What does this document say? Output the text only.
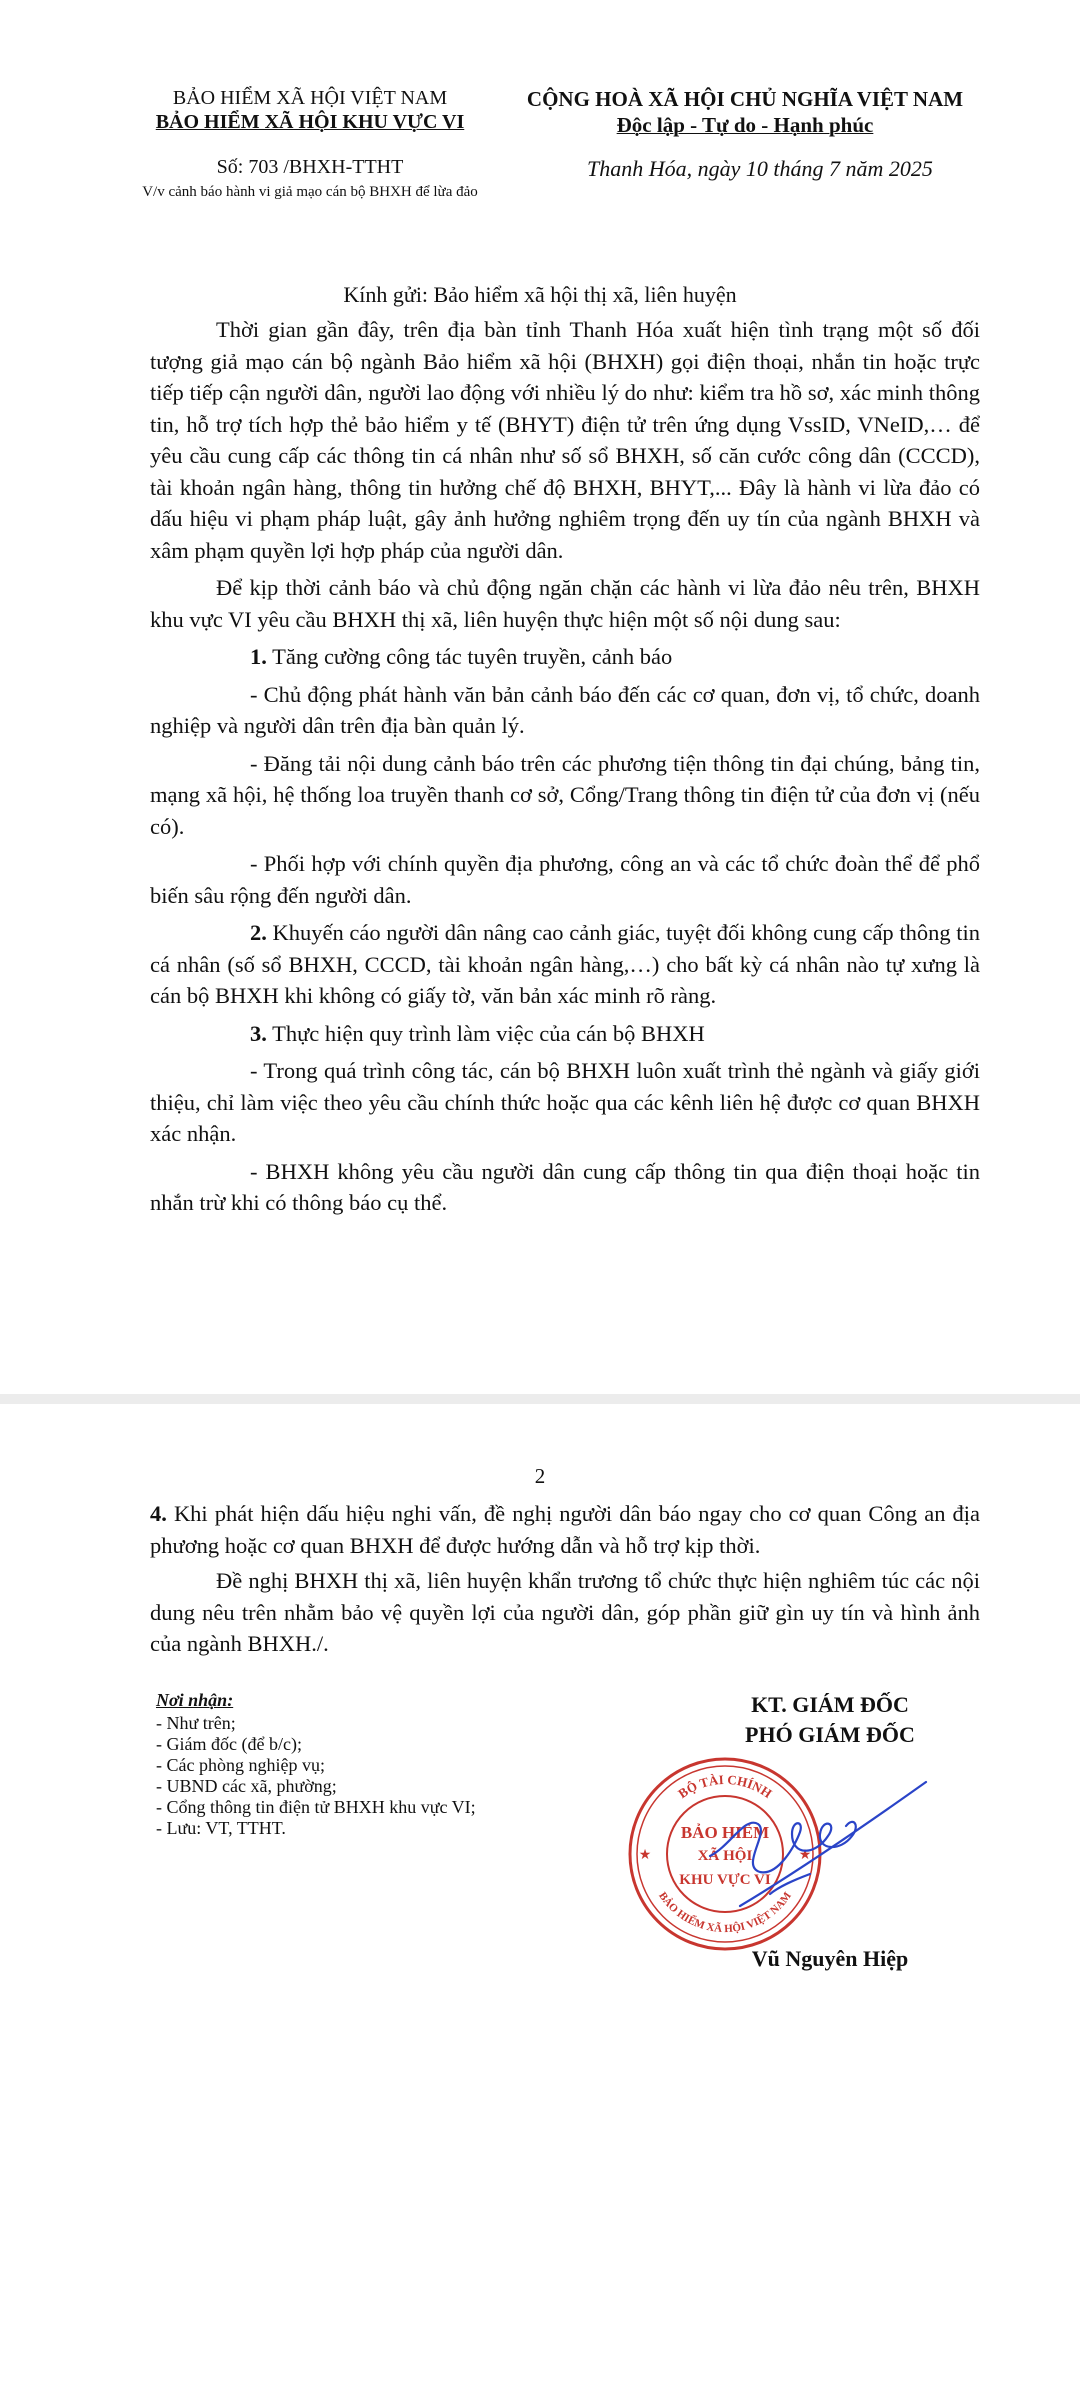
BẢO HIỂM XÃ HỘI VIỆT NAM
BẢO HIỂM XÃ HỘI KHU VỰC VI
CỘNG HOÀ XÃ HỘI CHỦ NGHĨA VIỆT NAM
Độc lập - Tự do - Hạnh phúc
Số: 703 /BHXH-TTHT
V/v cảnh báo hành vi giả mạo cán bộ BHXH để lừa đảo
Thanh Hóa, ngày 10 tháng 7 năm 2025
Kính gửi: Bảo hiểm xã hội thị xã, liên huyện

Thời gian gần đây, trên địa bàn tỉnh Thanh Hóa xuất hiện tình trạng một số đối tượng giả mạo cán bộ ngành Bảo hiểm xã hội (BHXH) gọi điện thoại, nhắn tin hoặc trực tiếp tiếp cận người dân, người lao động với nhiều lý do như: kiểm tra hồ sơ, xác minh thông tin, hỗ trợ tích hợp thẻ bảo hiểm y tế (BHYT) điện tử trên ứng dụng VssID, VNeID,… để yêu cầu cung cấp các thông tin cá nhân như số sổ BHXH, số căn cước công dân (CCCD), tài khoản ngân hàng, thông tin hưởng chế độ BHXH, BHYT,... Đây là hành vi lừa đảo có dấu hiệu vi phạm pháp luật, gây ảnh hưởng nghiêm trọng đến uy tín của ngành BHXH và xâm phạm quyền lợi hợp pháp của người dân.

Để kịp thời cảnh báo và chủ động ngăn chặn các hành vi lừa đảo nêu trên, BHXH khu vực VI yêu cầu BHXH thị xã, liên huyện thực hiện một số nội dung sau:

1. Tăng cường công tác tuyên truyền, cảnh báo

- Chủ động phát hành văn bản cảnh báo đến các cơ quan, đơn vị, tổ chức, doanh nghiệp và người dân trên địa bàn quản lý.

- Đăng tải nội dung cảnh báo trên các phương tiện thông tin đại chúng, bảng tin, mạng xã hội, hệ thống loa truyền thanh cơ sở, Cổng/Trang thông tin điện tử của đơn vị (nếu có).

- Phối hợp với chính quyền địa phương, công an và các tổ chức đoàn thể để phổ biến sâu rộng đến người dân.

2. Khuyến cáo người dân nâng cao cảnh giác, tuyệt đối không cung cấp thông tin cá nhân (số sổ BHXH, CCCD, tài khoản ngân hàng,…) cho bất kỳ cá nhân nào tự xưng là cán bộ BHXH khi không có giấy tờ, văn bản xác minh rõ ràng.

3. Thực hiện quy trình làm việc của cán bộ BHXH

- Trong quá trình công tác, cán bộ BHXH luôn xuất trình thẻ ngành và giấy giới thiệu, chỉ làm việc theo yêu cầu chính thức hoặc qua các kênh liên hệ được cơ quan BHXH xác nhận.

- BHXH không yêu cầu người dân cung cấp thông tin qua điện thoại hoặc tin nhắn trừ khi có thông báo cụ thể.

2

4. Khi phát hiện dấu hiệu nghi vấn, đề nghị người dân báo ngay cho cơ quan Công an địa phương hoặc cơ quan BHXH để được hướng dẫn và hỗ trợ kịp thời.

Đề nghị BHXH thị xã, liên huyện khẩn trương tổ chức thực hiện nghiêm túc các nội dung nêu trên nhằm bảo vệ quyền lợi của người dân, góp phần giữ gìn uy tín và hình ảnh của ngành BHXH./.

Nơi nhận:
- Như trên;
- Giám đốc (để b/c);
- Các phòng nghiệp vụ;
- UBND các xã, phường;
- Cổng thông tin điện tử BHXH khu vực VI;
- Lưu: VT, TTHT.
KT. GIÁM ĐỐC
PHÓ GIÁM ĐỐC
BỘ TÀI CHÍNH
BẢO HIỂM XÃ HỘI VIỆT NAM
BẢO HIỂM
XÃ HỘI
KHU VỰC VI
★	★
Vũ Nguyên Hiệp
